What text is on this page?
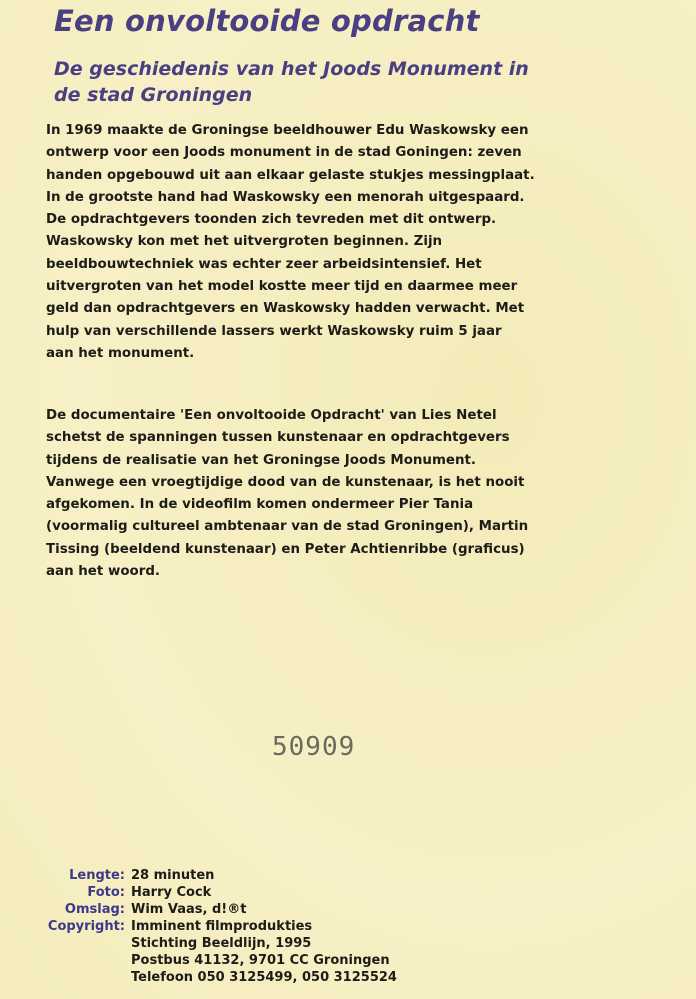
Een onvoltooide opdracht
De geschiedenis van het Joods Monument in
de stad Groningen

In 1969 maakte de Groningse beeldhouwer Edu Waskowsky een
ontwerp voor een Joods monument in de stad Goningen: zeven
handen opgebouwd uit aan elkaar gelaste stukjes messingplaat.
In de grootste hand had Waskowsky een menorah uitgespaard.
De opdrachtgevers toonden zich tevreden met dit ontwerp.
Waskowsky kon met het uitvergroten beginnen. Zijn
beeldbouwtechniek was echter zeer arbeidsintensief. Het
uitvergroten van het model kostte meer tijd en daarmee meer
geld dan opdrachtgevers en Waskowsky hadden verwacht. Met
hulp van verschillende lassers werkt Waskowsky ruim 5 jaar
aan het monument.

De documentaire 'Een onvoltooide Opdracht' van Lies Netel
schetst de spanningen tussen kunstenaar en opdrachtgevers
tijdens de realisatie van het Groningse Joods Monument.
Vanwege een vroegtijdige dood van de kunstenaar, is het nooit
afgekomen. In de videofilm komen ondermeer Pier Tania
(voormalig cultureel ambtenaar van de stad Groningen), Martin
Tissing (beeldend kunstenaar) en Peter Achtienribbe (graficus)
aan het woord.

50909
Lengte: 28 minuten
Foto: Harry Cock
Omslag: Wim Vaas, d!®t
Copyright: Imminent filmprodukties
Stichting Beeldlijn, 1995
Postbus 41132, 9701 CC Groningen
Telefoon 050 3125499, 050 3125524
